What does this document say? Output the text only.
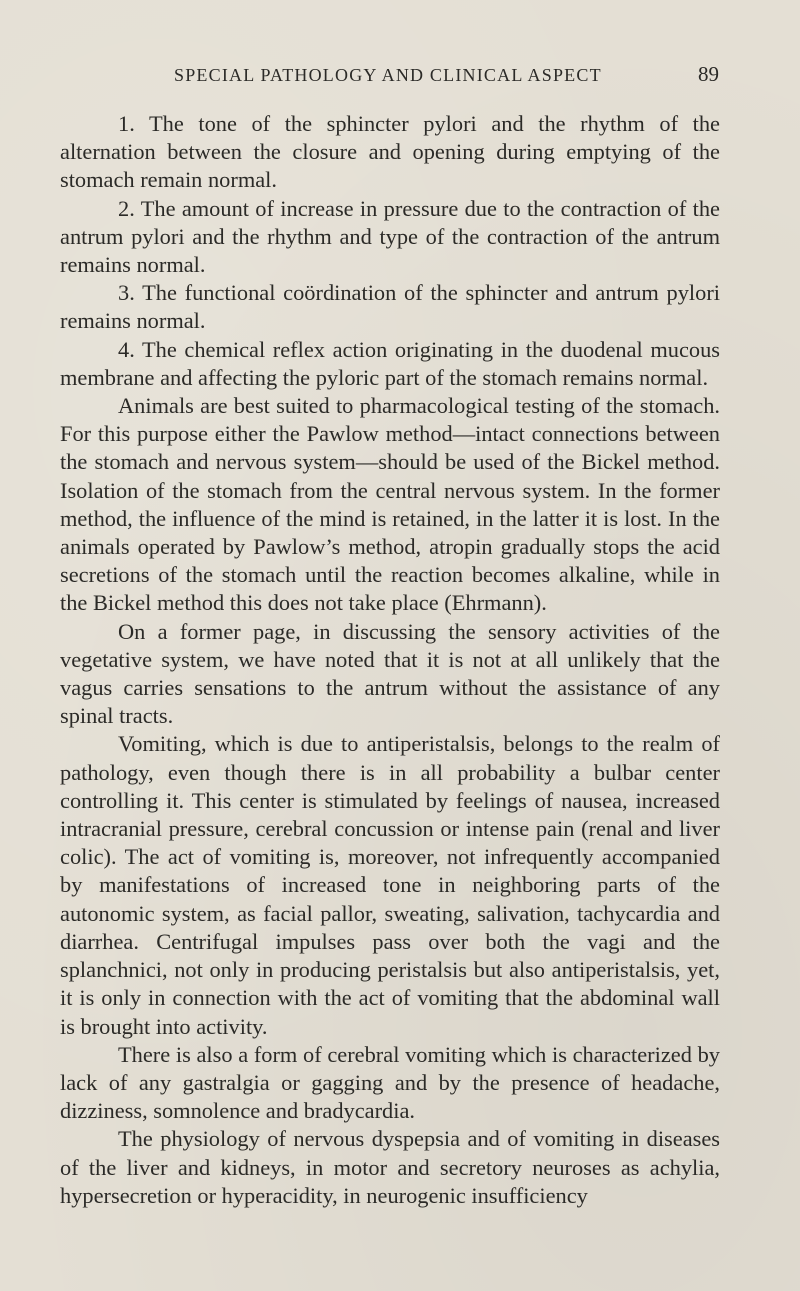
SPECIAL PATHOLOGY AND CLINICAL ASPECT	89

1. The tone of the sphincter pylori and the rhythm of the alternation between the closure and opening during emptying of the stomach remain normal.

2. The amount of increase in pressure due to the contraction of the antrum pylori and the rhythm and type of the contraction of the antrum remains normal.

3. The functional coördination of the sphincter and antrum pylori remains normal.

4. The chemical reflex action originating in the duodenal mucous membrane and affecting the pyloric part of the stomach remains normal.

Animals are best suited to pharmacological testing of the stomach. For this purpose either the Pawlow method—intact connections between the stomach and nervous system—should be used of the Bickel method. Isolation of the stomach from the central nervous system. In the former method, the influence of the mind is retained, in the latter it is lost. In the animals operated by Pawlow’s method, atropin gradually stops the acid secretions of the stomach until the reaction becomes alkaline, while in the Bickel method this does not take place (Ehrmann).

On a former page, in discussing the sensory activities of the vegetative system, we have noted that it is not at all unlikely that the vagus carries sensations to the antrum without the assistance of any spinal tracts.

Vomiting, which is due to antiperistalsis, belongs to the realm of pathology, even though there is in all probability a bulbar center controlling it. This center is stimulated by feelings of nausea, increased intracranial pressure, cerebral concussion or intense pain (renal and liver colic). The act of vomiting is, moreover, not infrequently accompanied by manifestations of increased tone in neighboring parts of the autonomic system, as facial pallor, sweating, salivation, tachycardia and diarrhea. Centrifugal impulses pass over both the vagi and the splanchnici, not only in producing peristalsis but also antiperistalsis, yet, it is only in connection with the act of vomiting that the abdominal wall is brought into activity.

There is also a form of cerebral vomiting which is characterized by lack of any gastralgia or gagging and by the presence of headache, dizziness, somnolence and bradycardia.

The physiology of nervous dyspepsia and of vomiting in diseases of the liver and kidneys, in motor and secretory neuroses as achylia, hypersecretion or hyperacidity, in neurogenic insufficiency
